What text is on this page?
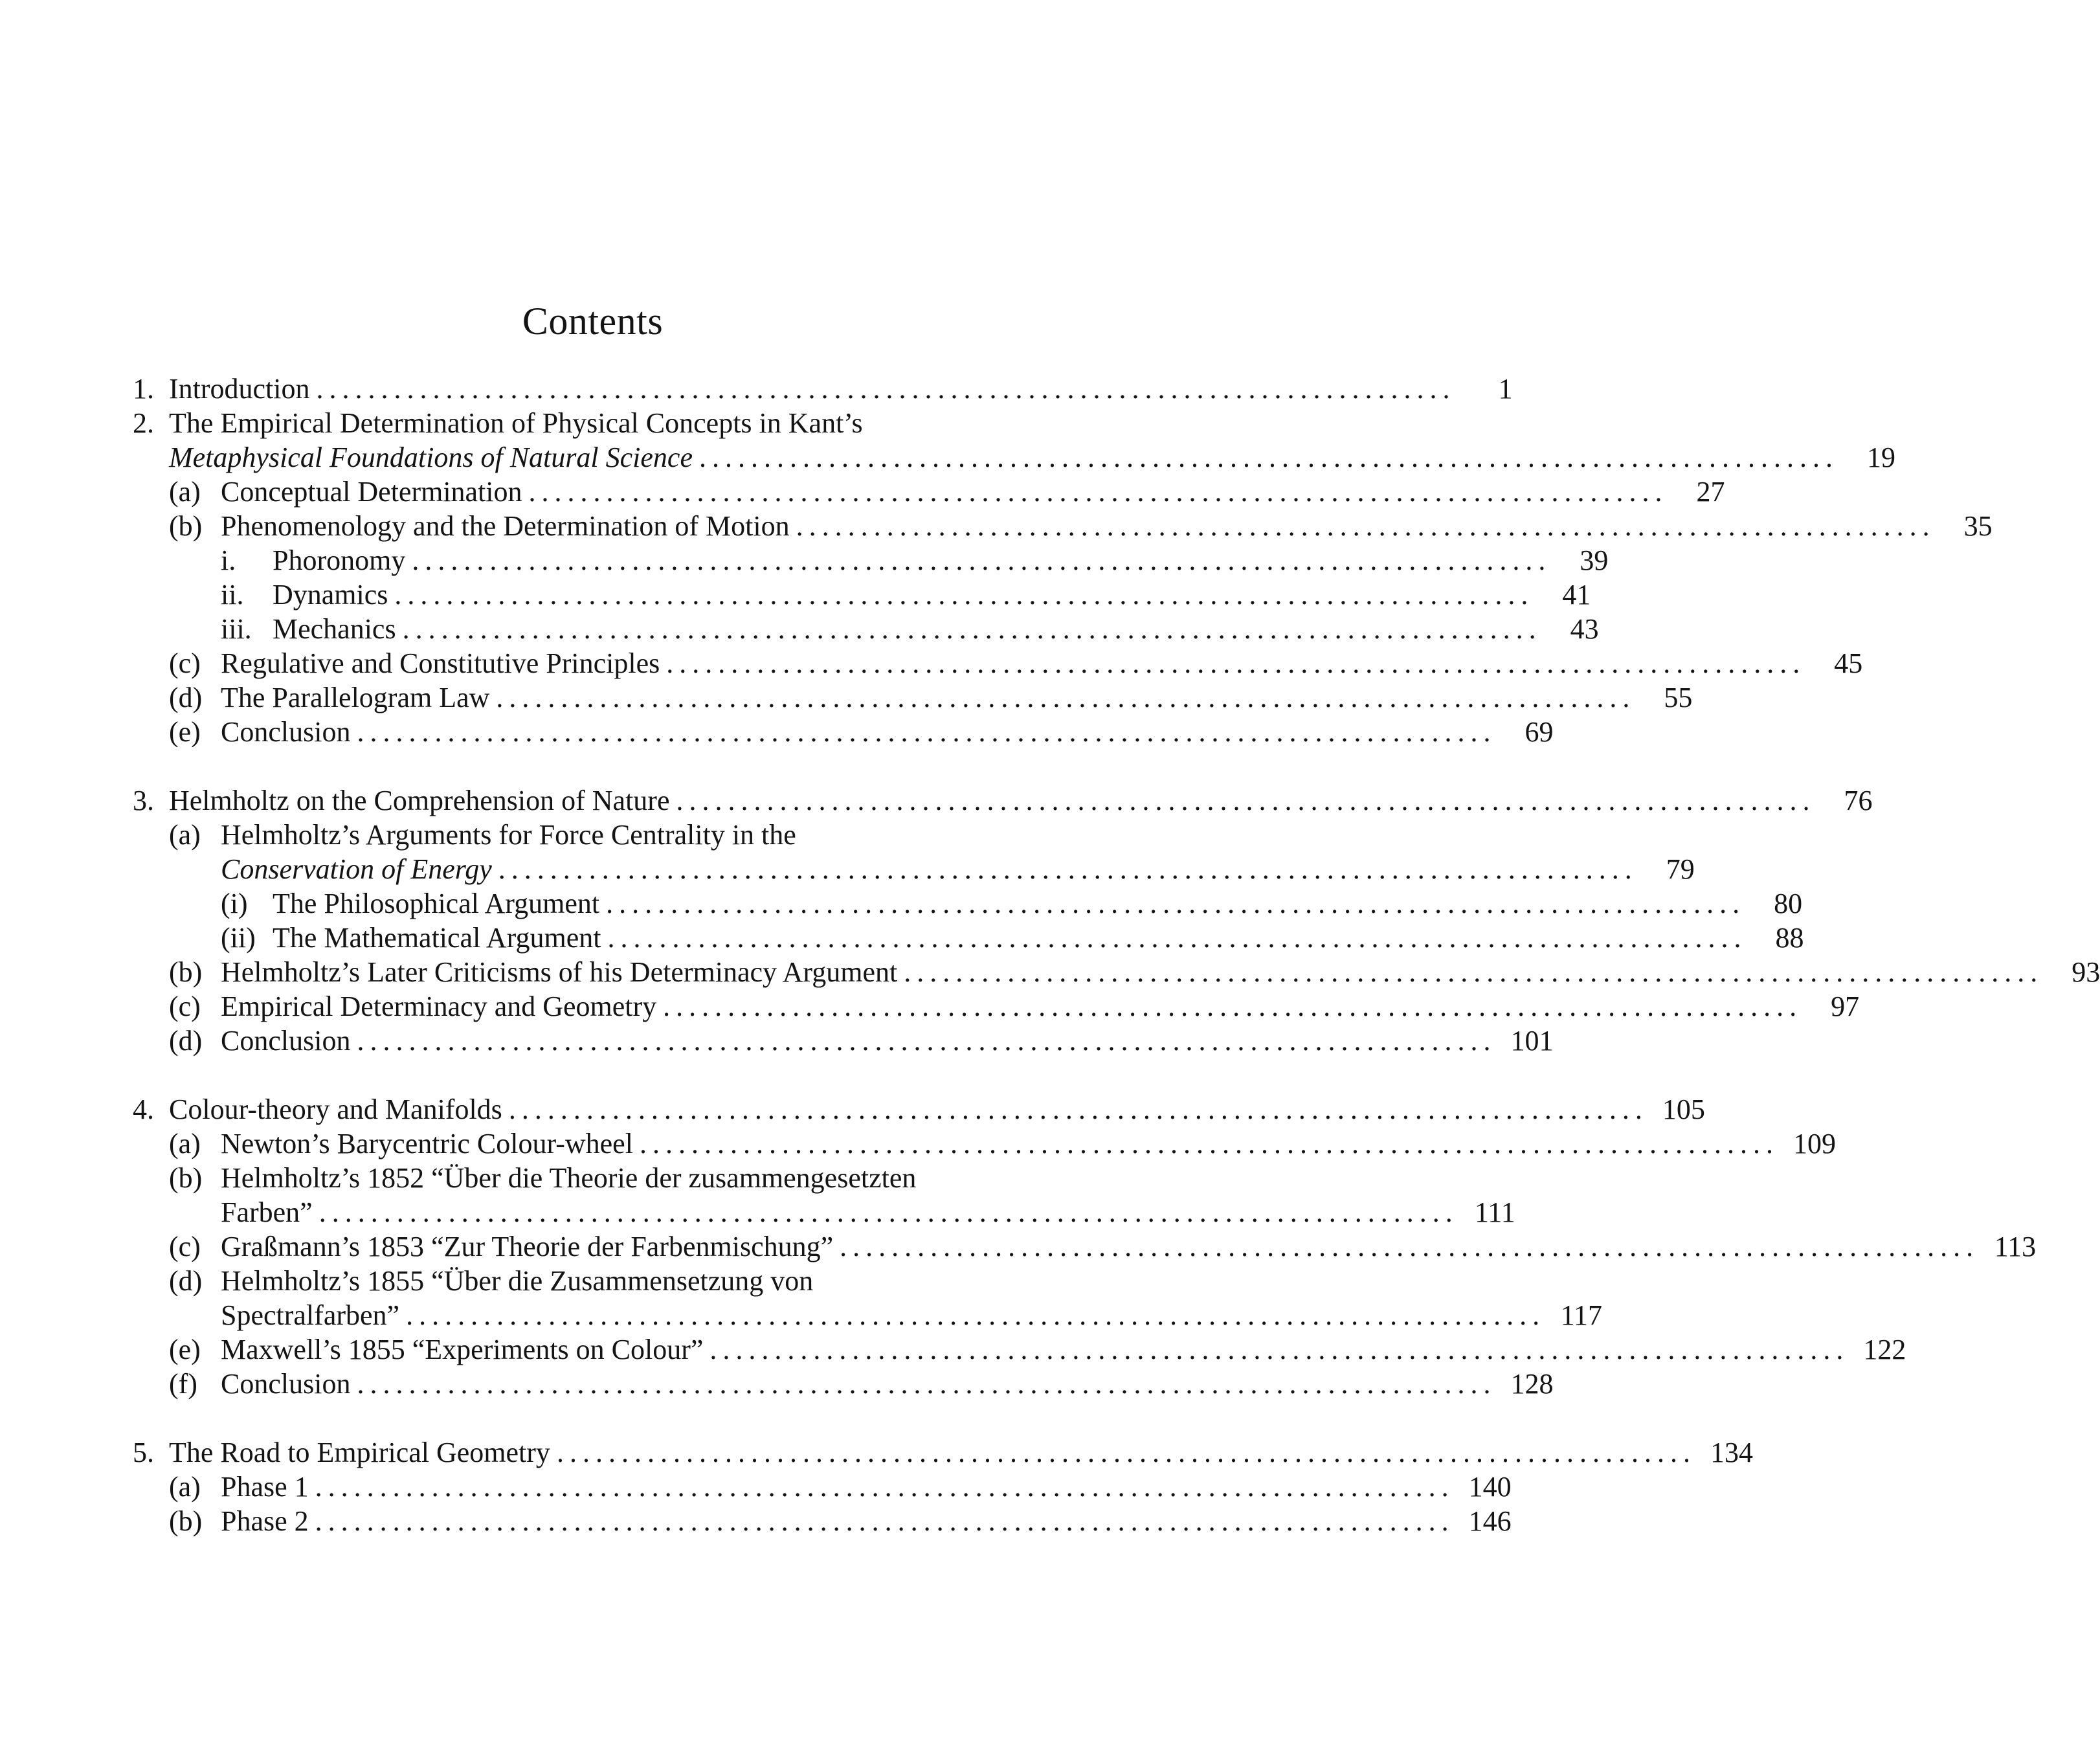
Contents
1. Introduction ........................................................................................	1
2. The Empirical Determination of Physical Concepts in Kant’s
Metaphysical Foundations of Natural Science ........................................................................................	19
(a) Conceptual Determination ........................................................................................	27
(b) Phenomenology and the Determination of Motion ........................................................................................	35
i.	Phoronomy ........................................................................................	39
ii.	Dynamics ........................................................................................	41
iii. Mechanics ........................................................................................	43
(c) Regulative and Constitutive Principles ........................................................................................	45
(d) The Parallelogram Law ........................................................................................	55
(e) Conclusion ........................................................................................	69
3. Helmholtz on the Comprehension of Nature ........................................................................................	76
(a) Helmholtz’s Arguments for Force Centrality in the
Conservation of Energy ........................................................................................	79
(i) The Philosophical Argument ........................................................................................	80
(ii) The Mathematical Argument ........................................................................................	88
(b) Helmholtz’s Later Criticisms of his Determinacy Argument ........................................................................................	93
(c) Empirical Determinacy and Geometry ........................................................................................	97
(d) Conclusion ........................................................................................ 101
4. Colour-theory and Manifolds ........................................................................................ 105
(a) Newton’s Barycentric Colour-wheel ........................................................................................ 109
(b) Helmholtz’s 1852 “Über die Theorie der zusammengesetzten
Farben” ........................................................................................ 111
(c) Graßmann’s 1853 “Zur Theorie der Farbenmischung” ........................................................................................ 113
(d) Helmholtz’s 1855 “Über die Zusammensetzung von
Spectralfarben” ........................................................................................ 117
(e) Maxwell’s 1855 “Experiments on Colour” ........................................................................................ 122
(f) Conclusion ........................................................................................ 128
5. The Road to Empirical Geometry ........................................................................................ 134
(a) Phase 1 ........................................................................................ 140
(b) Phase 2 ........................................................................................ 146
